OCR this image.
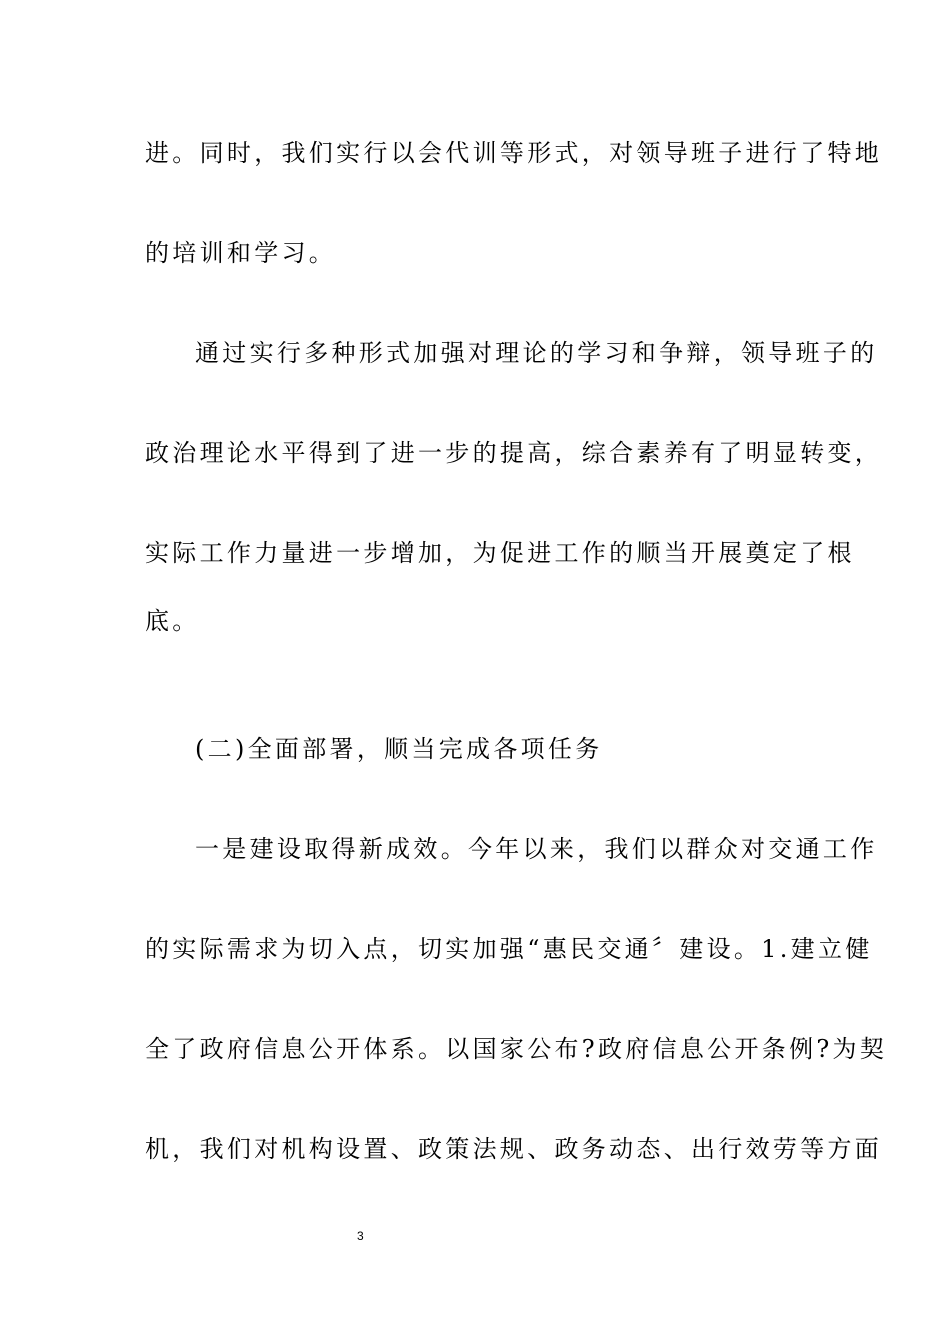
进。同时，我们实行以会代训等形式，对领导班子进行了特地
的培训和学习。
通过实行多种形式加强对理论的学习和争辩，领导班子的
政治理论水平得到了进一步的提高，综合素养有了明显转变，
实际工作力量进一步增加，为促进工作的顺当开展奠定了根
底。
(二)全面部署，顺当完成各项任务
一是建设取得新成效。今年以来，我们以群众对交通工作
的实际需求为切入点，切实加强“惠民交通〞建设。1.建立健
全了政府信息公开体系。以国家公布?政府信息公开条例?为契
机，我们对机构设置、政策法规、政务动态、出行效劳等方面
3
